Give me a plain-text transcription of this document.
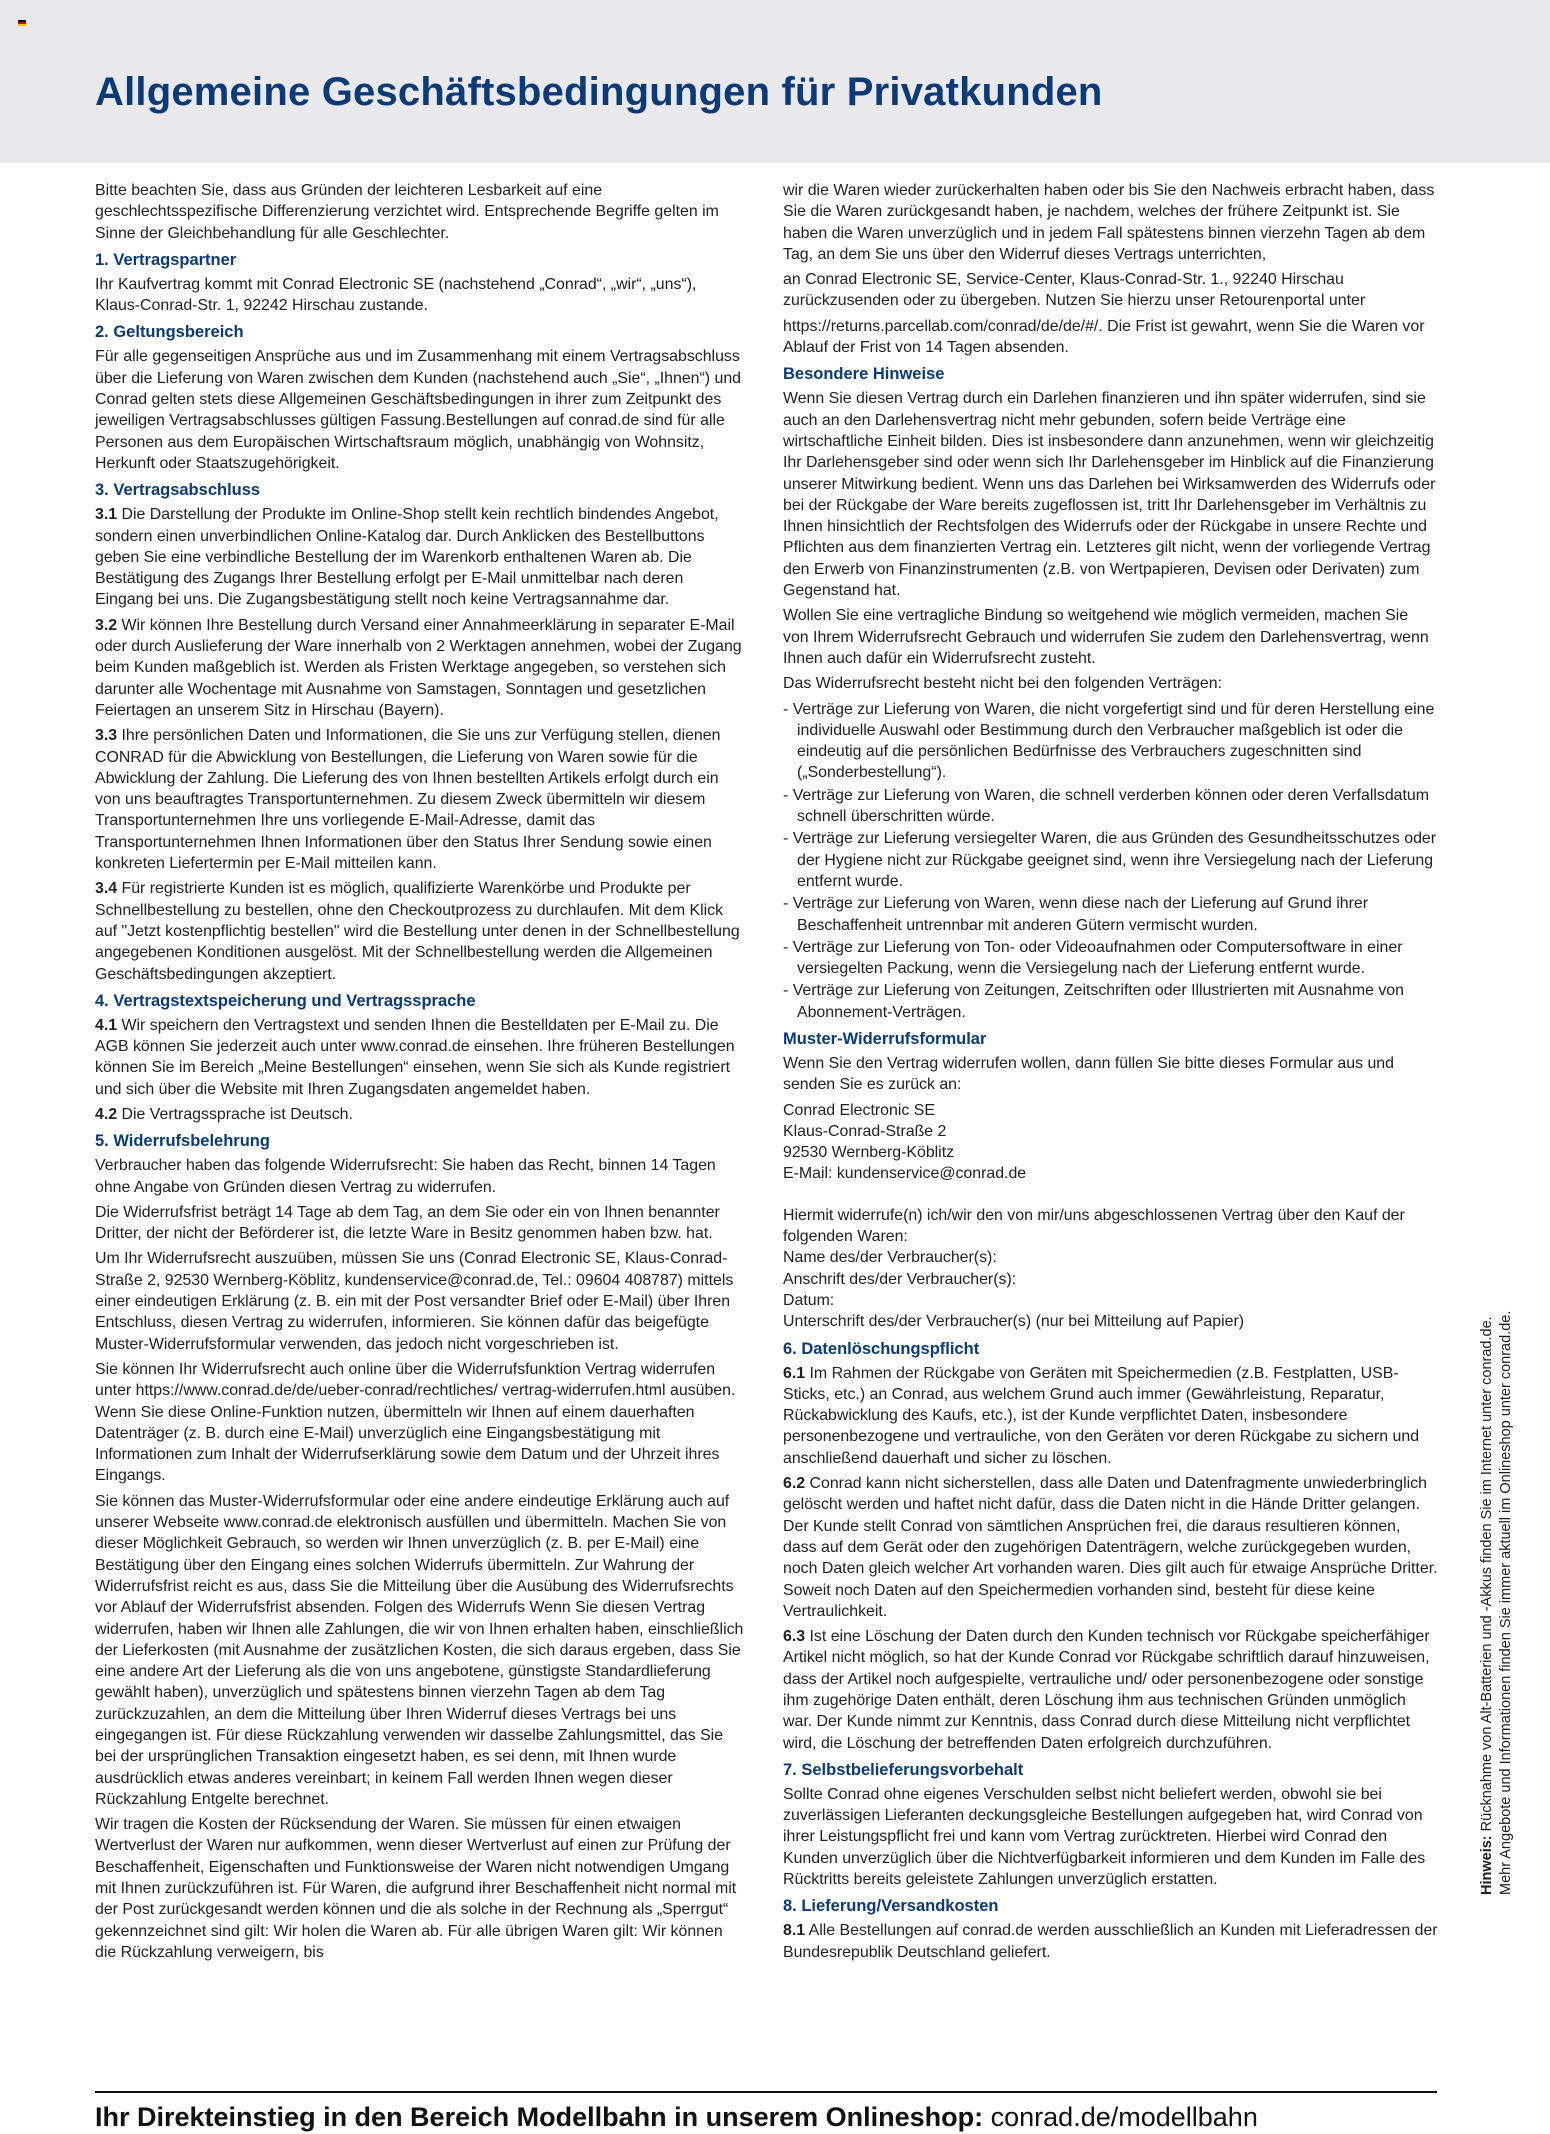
Allgemeine Geschäftsbedingungen für Privatkunden

Bitte beachten Sie, dass aus Gründen der leichteren Lesbarkeit auf eine geschlechtsspezifische Differenzierung verzichtet wird. Entsprechende Begriffe gelten im Sinne der Gleichbehandlung für alle Geschlechter.

1. Vertragspartner

Ihr Kaufvertrag kommt mit Conrad Electronic SE (nachstehend „Conrad“, „wir“, „uns“), Klaus-Conrad-Str. 1, 92242 Hirschau zustande.

2. Geltungsbereich

Für alle gegenseitigen Ansprüche aus und im Zusammenhang mit einem Vertragsabschluss über die Lieferung von Waren zwischen dem Kunden (nachstehend auch „Sie“, „Ihnen“) und Conrad gelten stets diese Allgemeinen Geschäftsbedingungen in ihrer zum Zeitpunkt des jeweiligen Vertragsabschlusses gültigen Fassung.Bestellungen auf conrad.de sind für alle Personen aus dem Europäischen Wirtschaftsraum möglich, unabhängig von Wohnsitz, Herkunft oder Staatszugehörigkeit.

3. Vertragsabschluss

3.1 Die Darstellung der Produkte im Online-Shop stellt kein rechtlich bindendes Angebot, sondern einen unverbindlichen Online-Katalog dar. Durch Anklicken des Bestellbuttons geben Sie eine verbindliche Bestellung der im Warenkorb enthaltenen Waren ab. Die Bestätigung des Zugangs Ihrer Bestellung erfolgt per E-Mail unmittelbar nach deren Eingang bei uns. Die Zugangsbestätigung stellt noch keine Vertragsannahme dar.

3.2 Wir können Ihre Bestellung durch Versand einer Annahmeerklärung in separater E-Mail oder durch Auslieferung der Ware innerhalb von 2 Werktagen annehmen, wobei der Zugang beim Kunden maßgeblich ist. Werden als Fristen Werktage angegeben, so verstehen sich darunter alle Wochentage mit Ausnahme von Samstagen, Sonntagen und gesetzlichen Feiertagen an unserem Sitz in Hirschau (Bayern).

3.3 Ihre persönlichen Daten und Informationen, die Sie uns zur Verfügung stellen, dienen CONRAD für die Abwicklung von Bestellungen, die Lieferung von Waren sowie für die Abwicklung der Zahlung. Die Lieferung des von Ihnen bestellten Artikels erfolgt durch ein von uns beauftragtes Transportunternehmen. Zu diesem Zweck übermitteln wir diesem Transportunternehmen Ihre uns vorliegende E-Mail-Adresse, damit das Transportunternehmen Ihnen Informationen über den Status Ihrer Sendung sowie einen konkreten Liefertermin per E-Mail mitteilen kann.

3.4 Für registrierte Kunden ist es möglich, qualifizierte Warenkörbe und Produkte per Schnellbestellung zu bestellen, ohne den Checkoutprozess zu durchlaufen. Mit dem Klick auf "Jetzt kostenpflichtig bestellen" wird die Bestellung unter denen in der Schnellbestellung angegebenen Konditionen ausgelöst. Mit der Schnellbestellung werden die Allgemeinen Geschäftsbedingungen akzeptiert.

4. Vertragstextspeicherung und Vertragssprache

4.1 Wir speichern den Vertragstext und senden Ihnen die Bestelldaten per E-Mail zu. Die AGB können Sie jederzeit auch unter www.conrad.de einsehen. Ihre früheren Bestellungen können Sie im Bereich „Meine Bestellungen“ einsehen, wenn Sie sich als Kunde registriert und sich über die Website mit Ihren Zugangsdaten angemeldet haben.

4.2 Die Vertragssprache ist Deutsch.

5. Widerrufsbelehrung

Verbraucher haben das folgende Widerrufsrecht: Sie haben das Recht, binnen 14 Tagen ohne Angabe von Gründen diesen Vertrag zu widerrufen.

Die Widerrufsfrist beträgt 14 Tage ab dem Tag, an dem Sie oder ein von Ihnen benannter Dritter, der nicht der Beförderer ist, die letzte Ware in Besitz genommen haben bzw. hat.

Um Ihr Widerrufsrecht auszuüben, müssen Sie uns (Conrad Electronic SE, Klaus-Conrad-Straße 2, 92530 Wernberg-Köblitz, kundenservice@conrad.de, Tel.: 09604 408787) mittels einer eindeutigen Erklärung (z. B. ein mit der Post versandter Brief oder E-Mail) über Ihren Entschluss, diesen Vertrag zu widerrufen, informieren. Sie können dafür das beigefügte Muster-Widerrufsformular verwenden, das jedoch nicht vorgeschrieben ist.

Sie können Ihr Widerrufsrecht auch online über die Widerrufsfunktion Vertrag widerrufen unter https://www.conrad.de/de/ueber-conrad/rechtliches/ vertrag-widerrufen.html ausüben. Wenn Sie diese Online-Funktion nutzen, übermitteln wir Ihnen auf einem dauerhaften Datenträger (z. B. durch eine E-Mail) unverzüglich eine Eingangsbestätigung mit Informationen zum Inhalt der Widerrufserklärung sowie dem Datum und der Uhrzeit ihres Eingangs.

Sie können das Muster-Widerrufsformular oder eine andere eindeutige Erklärung auch auf unserer Webseite www.conrad.de elektronisch ausfüllen und übermitteln. Machen Sie von dieser Möglichkeit Gebrauch, so werden wir Ihnen unverzüglich (z. B. per E-Mail) eine Bestätigung über den Eingang eines solchen Widerrufs übermitteln. Zur Wahrung der Widerrufsfrist reicht es aus, dass Sie die Mitteilung über die Ausübung des Widerrufsrechts vor Ablauf der Widerrufsfrist absenden. Folgen des Widerrufs Wenn Sie diesen Vertrag widerrufen, haben wir Ihnen alle Zahlungen, die wir von Ihnen erhalten haben, einschließlich der Lieferkosten (mit Ausnahme der zusätzlichen Kosten, die sich daraus ergeben, dass Sie eine andere Art der Lieferung als die von uns angebotene, günstigste Standardlieferung gewählt haben), unverzüglich und spätestens binnen vierzehn Tagen ab dem Tag zurückzuzahlen, an dem die Mitteilung über Ihren Widerruf dieses Vertrags bei uns eingegangen ist. Für diese Rückzahlung verwenden wir dasselbe Zahlungsmittel, das Sie bei der ursprünglichen Transaktion eingesetzt haben, es sei denn, mit Ihnen wurde ausdrücklich etwas anderes vereinbart; in keinem Fall werden Ihnen wegen dieser Rückzahlung Entgelte berechnet.

Wir tragen die Kosten der Rücksendung der Waren. Sie müssen für einen etwaigen Wertverlust der Waren nur aufkommen, wenn dieser Wertverlust auf einen zur Prüfung der Beschaffenheit, Eigenschaften und Funktionsweise der Waren nicht notwendigen Umgang mit Ihnen zurückzuführen ist. Für Waren, die aufgrund ihrer Beschaffenheit nicht normal mit der Post zurückgesandt werden können und die als solche in der Rechnung als „Sperrgut“ gekennzeichnet sind gilt: Wir holen die Waren ab. Für alle übrigen Waren gilt: Wir können die Rückzahlung verweigern, bis

wir die Waren wieder zurückerhalten haben oder bis Sie den Nachweis erbracht haben, dass Sie die Waren zurückgesandt haben, je nachdem, welches der frühere Zeitpunkt ist. Sie haben die Waren unverzüglich und in jedem Fall spätestens binnen vierzehn Tagen ab dem Tag, an dem Sie uns über den Widerruf dieses Vertrags unterrichten,

an Conrad Electronic SE, Service-Center, Klaus-Conrad-Str. 1., 92240 Hirschau zurückzusenden oder zu übergeben. Nutzen Sie hierzu unser Retourenportal unter

https://returns.parcellab.com/conrad/de/de/#/. Die Frist ist gewahrt, wenn Sie die Waren vor Ablauf der Frist von 14 Tagen absenden.

Besondere Hinweise

Wenn Sie diesen Vertrag durch ein Darlehen finanzieren und ihn später widerrufen, sind sie auch an den Darlehensvertrag nicht mehr gebunden, sofern beide Verträge eine wirtschaftliche Einheit bilden. Dies ist insbesondere dann anzunehmen, wenn wir gleichzeitig Ihr Darlehensgeber sind oder wenn sich Ihr Darlehensgeber im Hinblick auf die Finanzierung unserer Mitwirkung bedient. Wenn uns das Darlehen bei Wirksamwerden des Widerrufs oder bei der Rückgabe der Ware bereits zugeflossen ist, tritt Ihr Darlehensgeber im Verhältnis zu Ihnen hinsichtlich der Rechtsfolgen des Widerrufs oder der Rückgabe in unsere Rechte und Pflichten aus dem finanzierten Vertrag ein. Letzteres gilt nicht, wenn der vorliegende Vertrag den Erwerb von Finanzinstrumenten (z.B. von Wertpapieren, Devisen oder Derivaten) zum Gegenstand hat.

Wollen Sie eine vertragliche Bindung so weitgehend wie möglich vermeiden, machen Sie von Ihrem Widerrufsrecht Gebrauch und widerrufen Sie zudem den Darlehensvertrag, wenn Ihnen auch dafür ein Widerrufsrecht zusteht.

Das Widerrufsrecht besteht nicht bei den folgenden Verträgen:

- Verträge zur Lieferung von Waren, die nicht vorgefertigt sind und für deren Herstellung eine individuelle Auswahl oder Bestimmung durch den Verbraucher maßgeblich ist oder die eindeutig auf die persönlichen Bedürfnisse des Verbrauchers zugeschnitten sind („Sonderbestellung“).
- Verträge zur Lieferung von Waren, die schnell verderben können oder deren Verfallsdatum schnell überschritten würde.
- Verträge zur Lieferung versiegelter Waren, die aus Gründen des Gesundheitsschutzes oder der Hygiene nicht zur Rückgabe geeignet sind, wenn ihre Versiegelung nach der Lieferung entfernt wurde.
- Verträge zur Lieferung von Waren, wenn diese nach der Lieferung auf Grund ihrer Beschaffenheit untrennbar mit anderen Gütern vermischt wurden.
- Verträge zur Lieferung von Ton- oder Videoaufnahmen oder Computersoftware in einer versiegelten Packung, wenn die Versiegelung nach der Lieferung entfernt wurde.
- Verträge zur Lieferung von Zeitungen, Zeitschriften oder Illustrierten mit Ausnahme von Abonnement-Verträgen.
Muster-Widerrufsformular

Wenn Sie den Vertrag widerrufen wollen, dann füllen Sie bitte dieses Formular aus und senden Sie es zurück an:

Conrad Electronic SE

Klaus-Conrad-Straße 2

92530 Wernberg-Köblitz

E-Mail: kundenservice@conrad.de

Hiermit widerrufe(n) ich/wir den von mir/uns abgeschlossenen Vertrag über den Kauf der folgenden Waren:

Name des/der Verbraucher(s):

Anschrift des/der Verbraucher(s):

Datum:

Unterschrift des/der Verbraucher(s) (nur bei Mitteilung auf Papier)

6. Datenlöschungspflicht

6.1 Im Rahmen der Rückgabe von Geräten mit Speichermedien (z.B. Festplatten, USB-Sticks, etc.) an Conrad, aus welchem Grund auch immer (Gewährleistung, Reparatur, Rückabwicklung des Kaufs, etc.), ist der Kunde verpflichtet Daten, insbesondere personenbezogene und vertrauliche, von den Geräten vor deren Rückgabe zu sichern und anschließend dauerhaft und sicher zu löschen.

6.2 Conrad kann nicht sicherstellen, dass alle Daten und Datenfragmente unwiederbringlich gelöscht werden und haftet nicht dafür, dass die Daten nicht in die Hände Dritter gelangen. Der Kunde stellt Conrad von sämtlichen Ansprüchen frei, die daraus resultieren können, dass auf dem Gerät oder den zugehörigen Datenträgern, welche zurückgegeben wurden, noch Daten gleich welcher Art vorhanden waren. Dies gilt auch für etwaige Ansprüche Dritter. Soweit noch Daten auf den Speichermedien vorhanden sind, besteht für diese keine Vertraulichkeit.

6.3 Ist eine Löschung der Daten durch den Kunden technisch vor Rückgabe speicherfähiger Artikel nicht möglich, so hat der Kunde Conrad vor Rückgabe schriftlich darauf hinzuweisen, dass der Artikel noch aufgespielte, vertrauliche und/ oder personenbezogene oder sonstige ihm zugehörige Daten enthält, deren Löschung ihm aus technischen Gründen unmöglich war. Der Kunde nimmt zur Kenntnis, dass Conrad durch diese Mitteilung nicht verpflichtet wird, die Löschung der betreffenden Daten erfolgreich durchzuführen.

7. Selbstbelieferungsvorbehalt

Sollte Conrad ohne eigenes Verschulden selbst nicht beliefert werden, obwohl sie bei zuverlässigen Lieferanten deckungsgleiche Bestellungen aufgegeben hat, wird Conrad von ihrer Leistungspflicht frei und kann vom Vertrag zurücktreten. Hierbei wird Conrad den Kunden unverzüglich über die Nichtverfügbarkeit informieren und dem Kunden im Falle des Rücktritts bereits geleistete Zahlungen unverzüglich erstatten.

8. Lieferung/Versandkosten

8.1 Alle Bestellungen auf conrad.de werden ausschließlich an Kunden mit Lieferadressen der Bundesrepublik Deutschland geliefert.

Hinweis: Rücknahme von Alt-Batterien und -Akkus finden Sie im Internet unter conrad.de. Mehr Angebote und Informationen finden Sie immer aktuell im Onlineshop unter conrad.de.
Ihr Direkteinstieg in den Bereich Modellbahn in unserem Onlineshop: conrad.de/modellbahn
